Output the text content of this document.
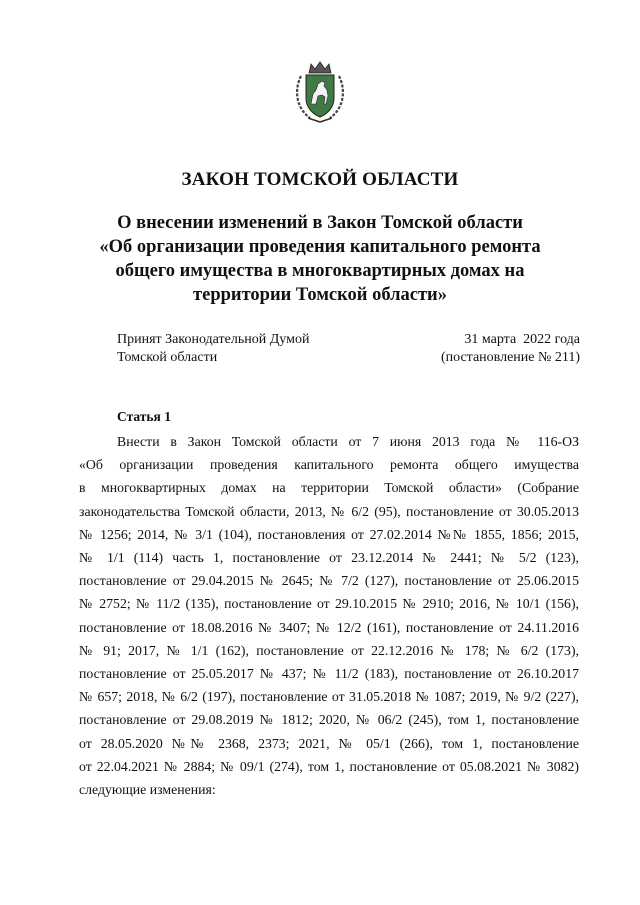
ЗАКОН ТОМСКОЙ ОБЛАСТИ
О внесении изменений в Закон Томской области
«Об организации проведения капитального ремонта
общего имущества в многоквартирных домах на
территории Томской области»
Принят Законодательной Думой
Томской области
31 марта  2022 года
(постановление № 211)
Статья 1
Внести в Закон Томской области от 7 июня 2013 года № 116-ОЗ
«Об организации проведения капитального ремонта общего имущества
в многоквартирных домах на территории Томской области» (Собрание
законодательства Томской области, 2013, № 6/2 (95), постановление от 30.05.2013
№ 1256; 2014, № 3/1 (104), постановления от 27.02.2014 №№ 1855, 1856; 2015,
№ 1/1 (114) часть 1, постановление от 23.12.2014 № 2441; № 5/2 (123),
постановление от 29.04.2015 № 2645; № 7/2 (127), постановление от 25.06.2015
№ 2752; № 11/2 (135), постановление от 29.10.2015 № 2910; 2016, № 10/1 (156),
постановление от 18.08.2016 № 3407; № 12/2 (161), постановление от 24.11.2016
№ 91; 2017, № 1/1 (162), постановление от 22.12.2016 № 178; № 6/2 (173),
постановление от 25.05.2017 № 437; № 11/2 (183), постановление от 26.10.2017
№ 657; 2018, № 6/2 (197), постановление от 31.05.2018 № 1087; 2019, № 9/2 (227),
постановление от 29.08.2019 № 1812; 2020, № 06/2 (245), том 1, постановление
от 28.05.2020 №№ 2368, 2373; 2021, № 05/1 (266), том 1, постановление
от 22.04.2021 № 2884; № 09/1 (274), том 1, постановление от 05.08.2021 № 3082)
следующие изменения:
